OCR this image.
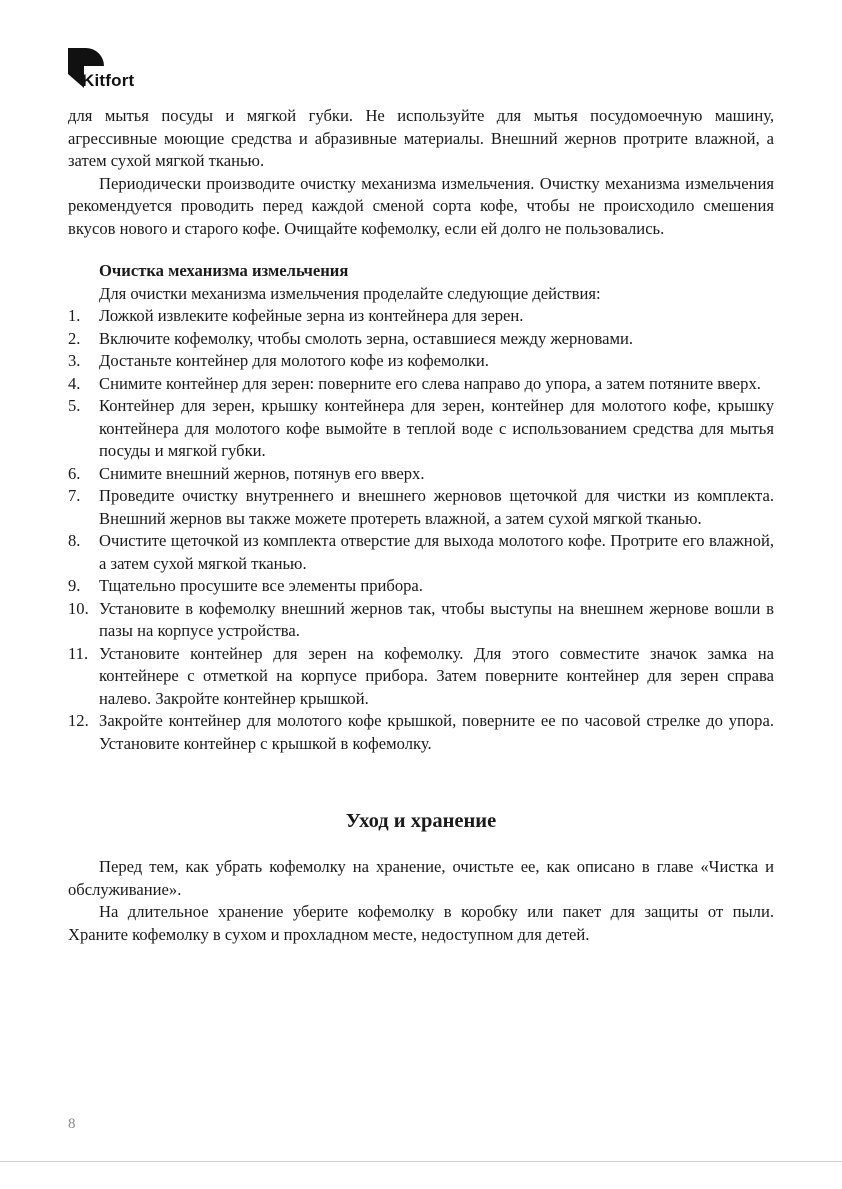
Kitfort

для мытья посуды и мягкой губки. Не используйте для мытья посудомоечную машину, агрессивные моющие средства и абразивные материалы. Внешний жернов протрите влажной, а затем сухой мягкой тканью.

Периодически производите очистку механизма измельчения. Очистку механизма измельчения рекомендуется проводить перед каждой сменой сорта кофе, чтобы не происходило смешения вкусов нового и старого кофе. Очищайте кофемолку, если ей долго не пользовались.

Очистка механизма измельчения

Для очистки механизма измельчения проделайте следующие действия:

1. Ложкой извлеките кофейные зерна из контейнера для зерен.
2. Включите кофемолку, чтобы смолоть зерна, оставшиеся между жерновами.
3. Достаньте контейнер для молотого кофе из кофемолки.
4. Снимите контейнер для зерен: поверните его слева направо до упора, а затем потяните вверх.
5. Контейнер для зерен, крышку контейнера для зерен, контейнер для молотого кофе, крышку контейнера для молотого кофе вымойте в теплой воде с использованием средства для мытья посуды и мягкой губки.
6. Снимите внешний жернов, потянув его вверх.
7. Проведите очистку внутреннего и внешнего жерновов щеточкой для чистки из комплекта. Внешний жернов вы также можете протереть влажной, а затем сухой мягкой тканью.
8. Очистите щеточкой из комплекта отверстие для выхода молотого кофе. Протрите его влажной, а затем сухой мягкой тканью.
9. Тщательно просушите все элементы прибора.
10. Установите в кофемолку внешний жернов так, чтобы выступы на внешнем жернове вошли в пазы на корпусе устройства.
11. Установите контейнер для зерен на кофемолку. Для этого совместите значок замка на контейнере с отметкой на корпусе прибора. Затем поверните контейнер для зерен справа налево. Закройте контейнер крышкой.
12. Закройте контейнер для молотого кофе крышкой, поверните ее по часовой стрелке до упора. Установите контейнер с крышкой в кофемолку.
Уход и хранение

Перед тем, как убрать кофемолку на хранение, очистьте ее, как описано в главе «Чистка и обслуживание».

На длительное хранение уберите кофемолку в коробку или пакет для защиты от пыли. Храните кофемолку в сухом и прохладном месте, недоступном для детей.

8
